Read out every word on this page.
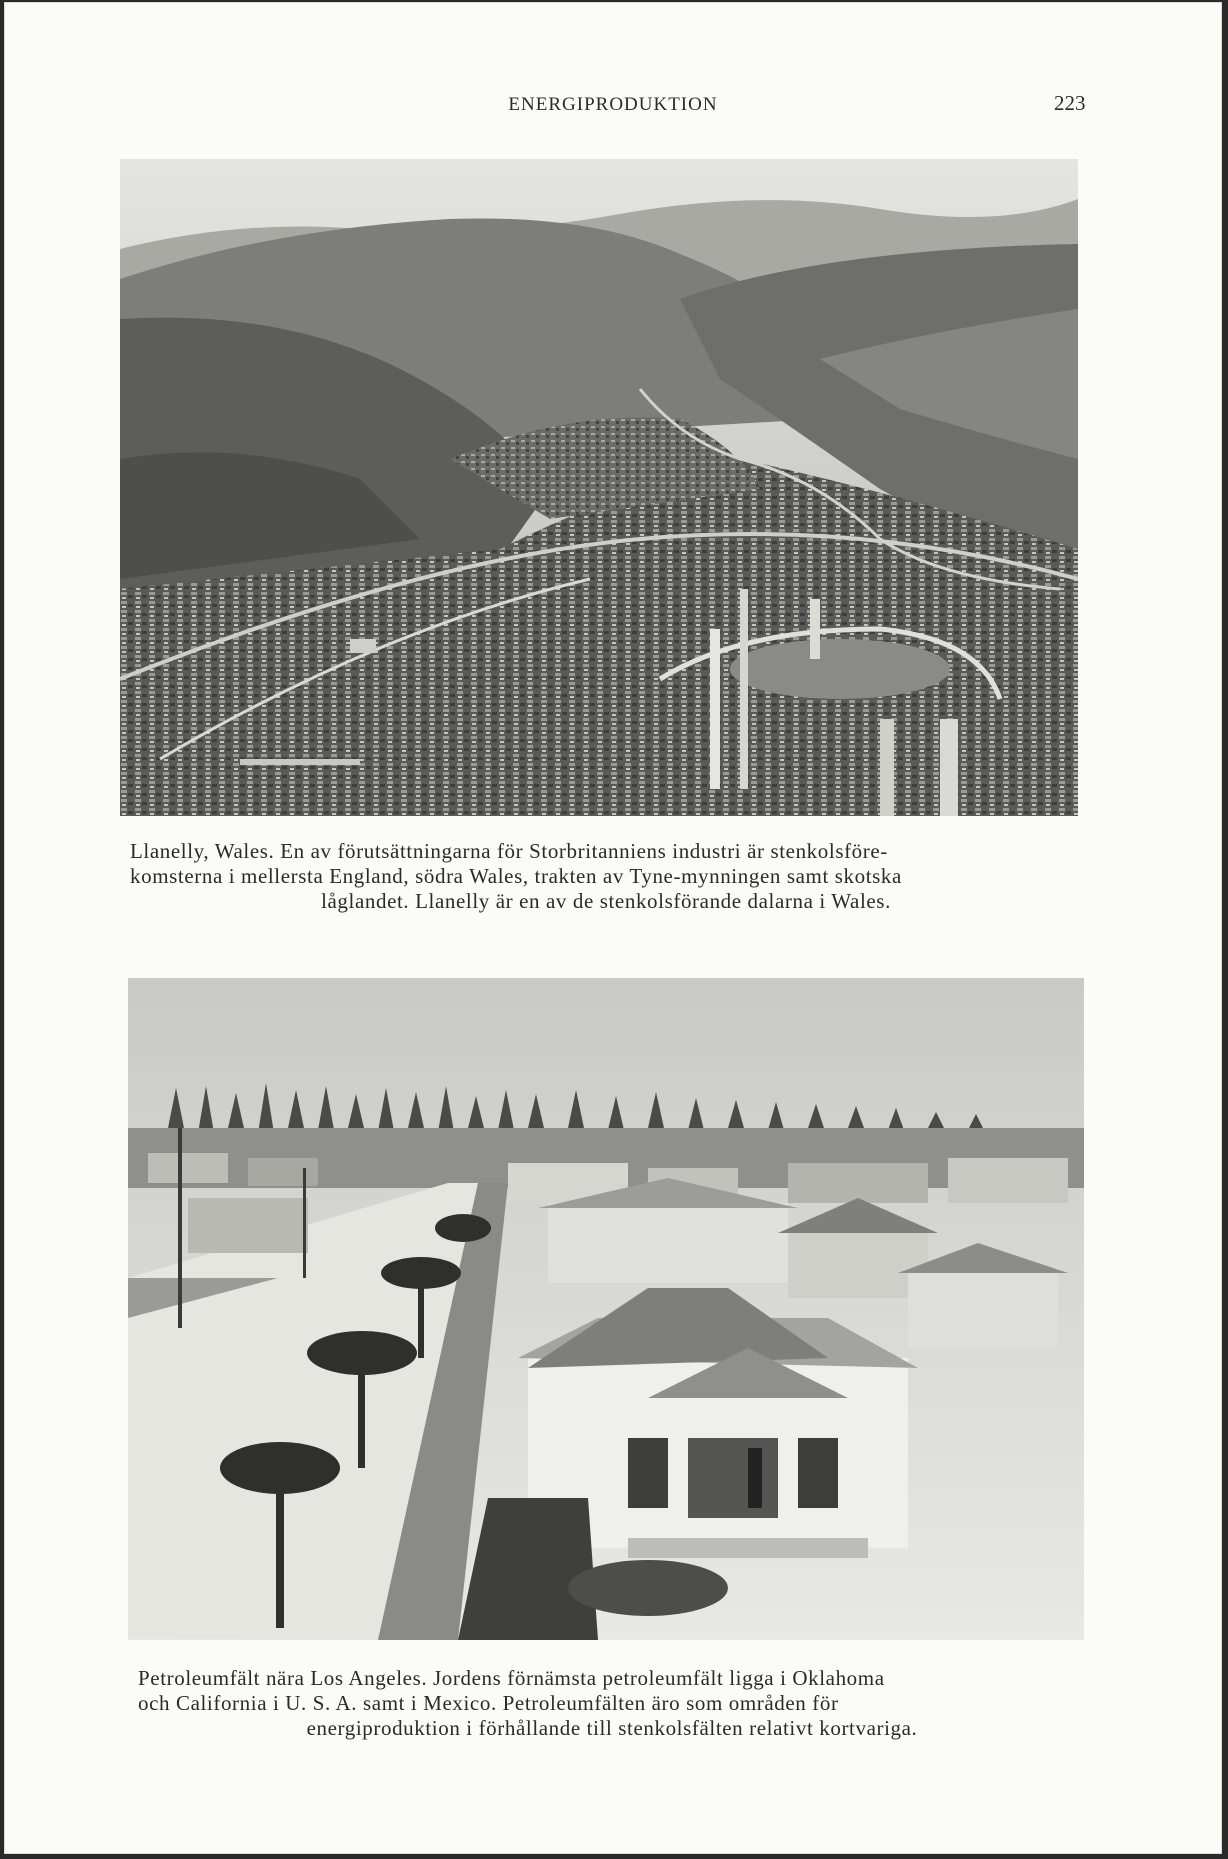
ENERGIPRODUKTION	223
Llanelly, Wales. En av förutsättningarna för Storbritanniens industri är stenkolsföre-
komsterna i mellersta England, södra Wales, trakten av Tyne-mynningen samt skotska
låglandet. Llanelly är en av de stenkolsförande dalarna i Wales.
Petroleumfält nära Los Angeles. Jordens förnämsta petroleumfält ligga i Oklahoma
och California i U. S. A. samt i Mexico. Petroleumfälten äro som områden för
energiproduktion i förhållande till stenkolsfälten relativt kortvariga.
